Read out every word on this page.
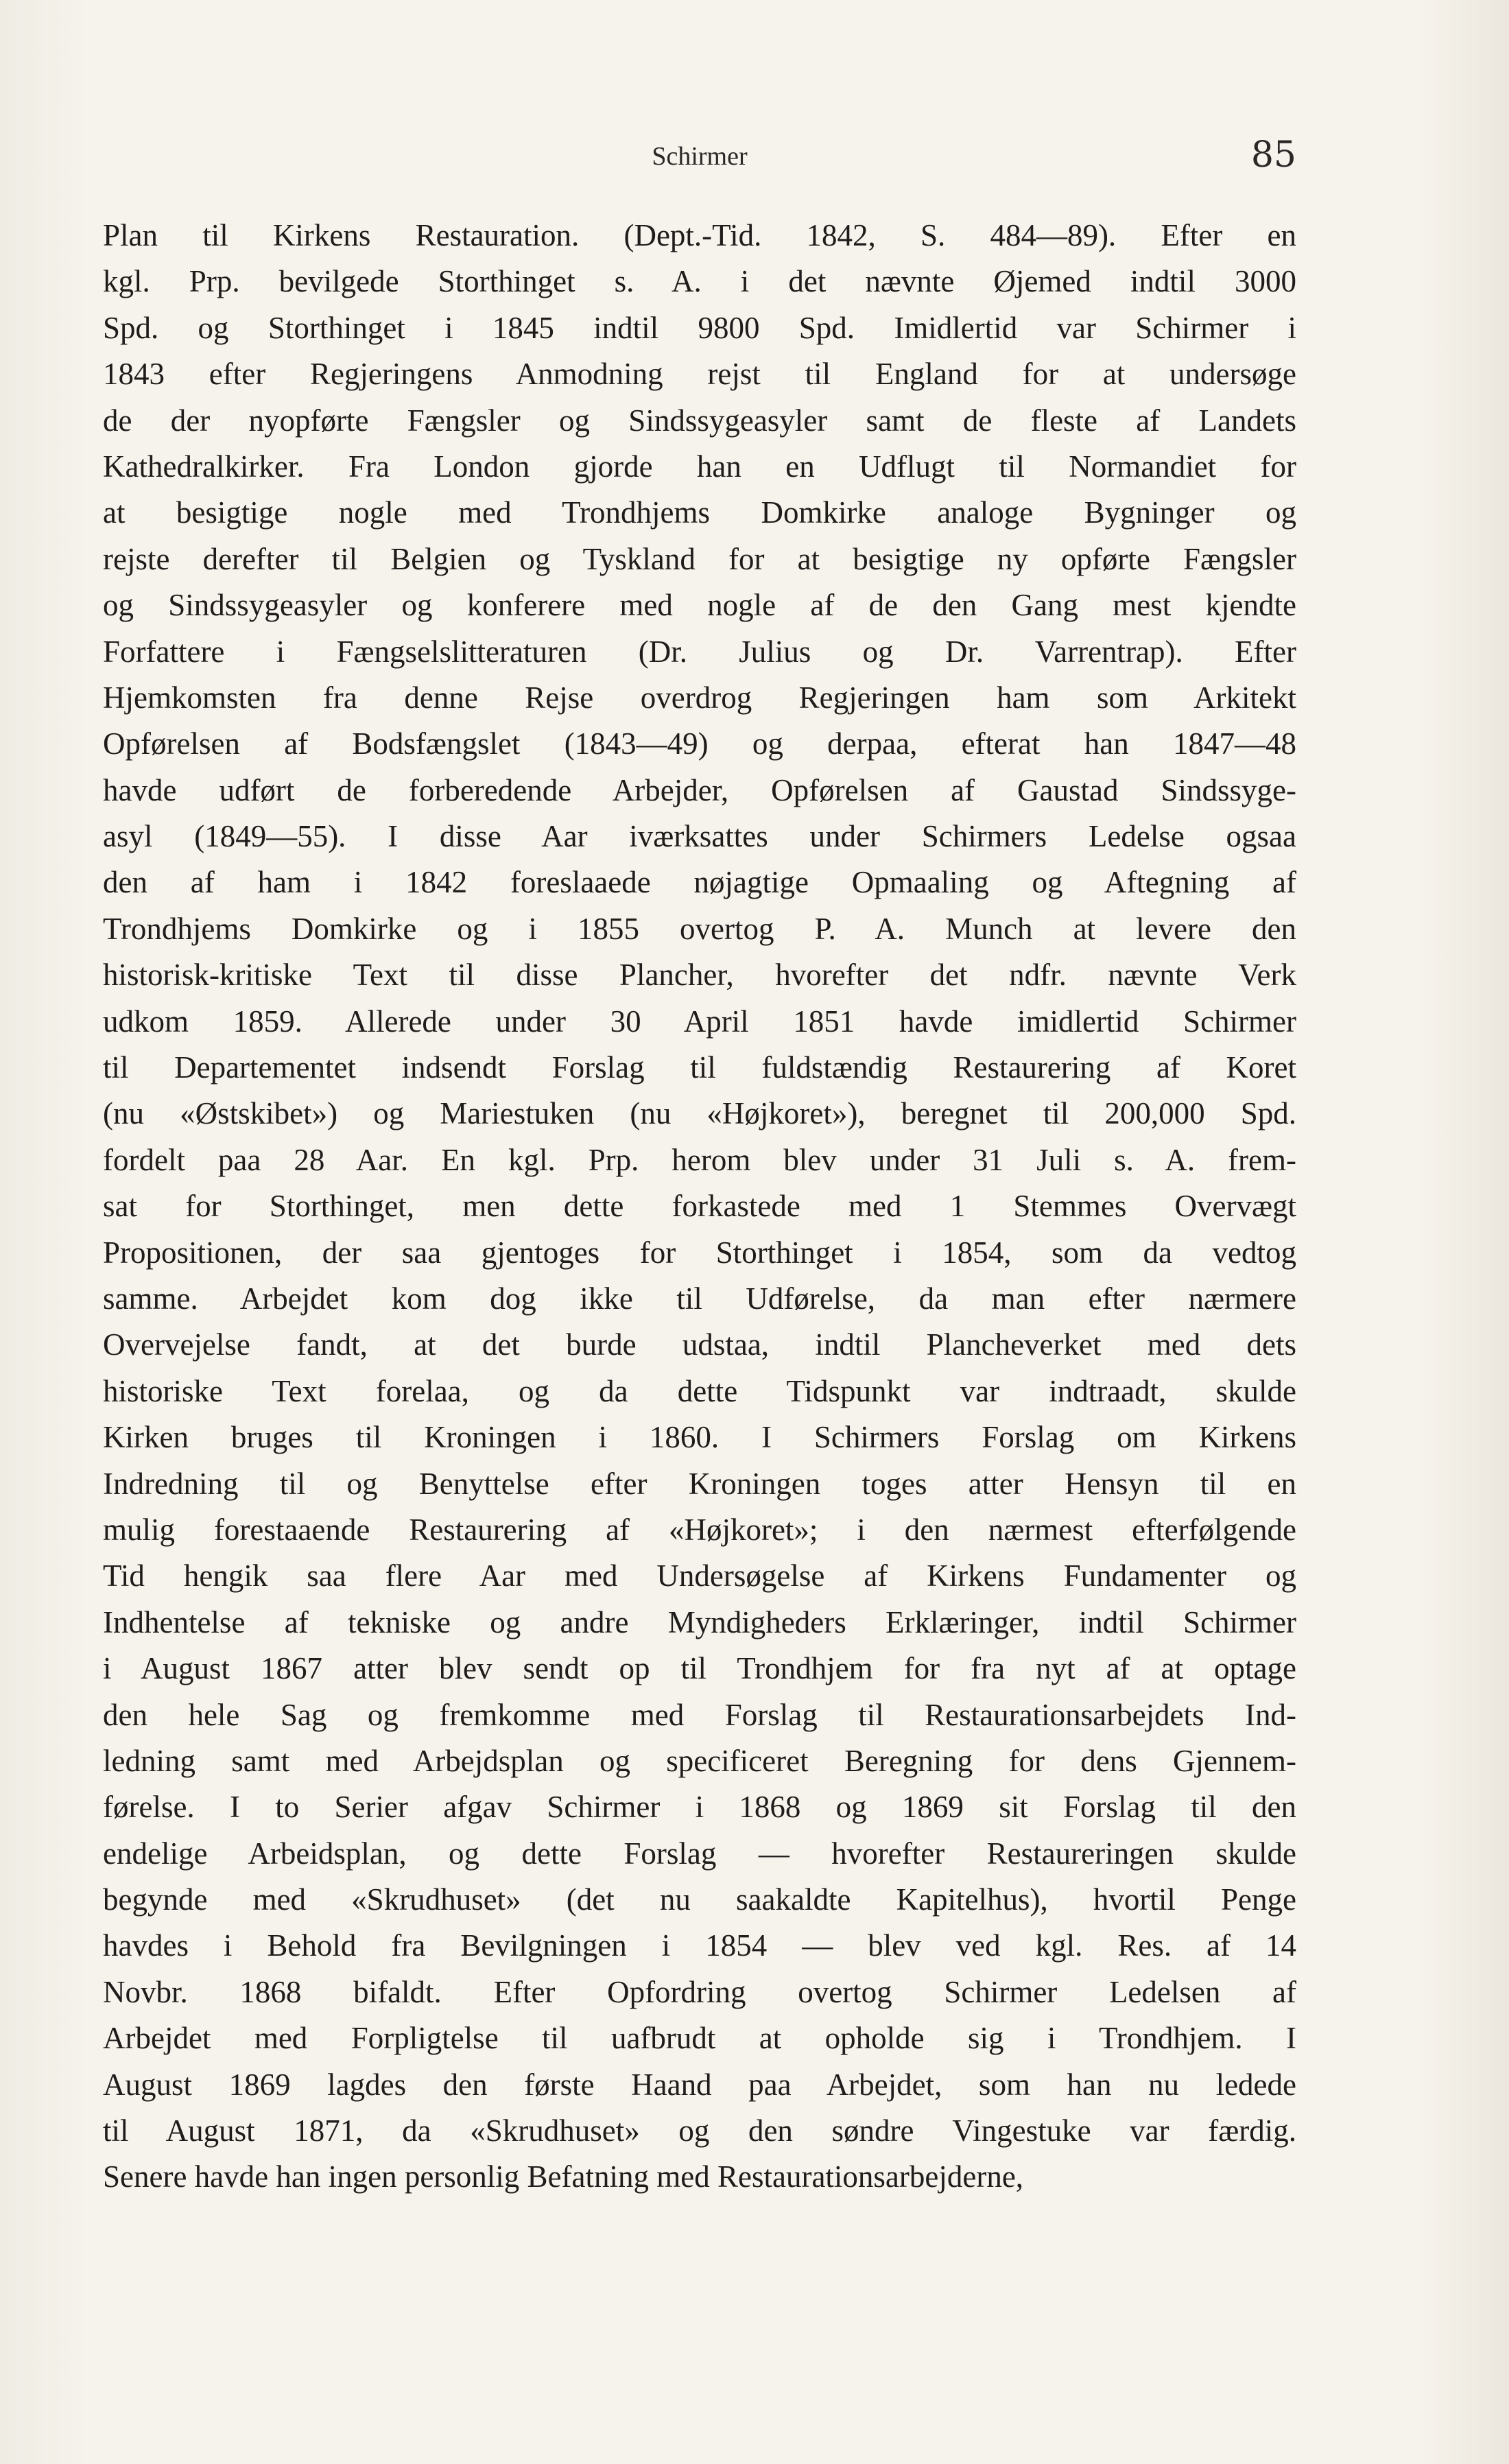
Schirmer	85
Plan til Kirkens Restauration. (Dept.-Tid. 1842, S. 484—89). Efter en
kgl. Prp. bevilgede Storthinget s. A. i det nævnte Øjemed indtil 3000
Spd. og Storthinget i 1845 indtil 9800 Spd. Imidlertid var Schirmer i
1843 efter Regjeringens Anmodning rejst til England for at undersøge
de der nyopførte Fængsler og Sindssygeasyler samt de fleste af Landets
Kathedralkirker. Fra London gjorde han en Udflugt til Normandiet for
at besigtige nogle med Trondhjems Domkirke analoge Bygninger og
rejste derefter til Belgien og Tyskland for at besigtige ny opførte Fængsler
og Sindssygeasyler og konferere med nogle af de den Gang mest kjendte
Forfattere i Fængselslitteraturen (Dr. Julius og Dr. Varrentrap). Efter
Hjemkomsten fra denne Rejse overdrog Regjeringen ham som Arkitekt
Opførelsen af Bodsfængslet (1843—49) og derpaa, efterat han 1847—48
havde udført de forberedende Arbejder, Opførelsen af Gaustad Sindssyge-
asyl (1849—55). I disse Aar iværksattes under Schirmers Ledelse ogsaa
den af ham i 1842 foreslaaede nøjagtige Opmaaling og Aftegning af
Trondhjems Domkirke og i 1855 overtog P. A. Munch at levere den
historisk-kritiske Text til disse Plancher, hvorefter det ndfr. nævnte Verk
udkom 1859. Allerede under 30 April 1851 havde imidlertid Schirmer
til Departementet indsendt Forslag til fuldstændig Restaurering af Koret
(nu «Østskibet») og Mariestuken (nu «Højkoret»), beregnet til 200,000 Spd.
fordelt paa 28 Aar. En kgl. Prp. herom blev under 31 Juli s. A. frem-
sat for Storthinget, men dette forkastede med 1 Stemmes Overvægt
Propositionen, der saa gjentoges for Storthinget i 1854, som da vedtog
samme. Arbejdet kom dog ikke til Udførelse, da man efter nærmere
Overvejelse fandt, at det burde udstaa, indtil Plancheverket med dets
historiske Text forelaa, og da dette Tidspunkt var indtraadt, skulde
Kirken bruges til Kroningen i 1860. I Schirmers Forslag om Kirkens
Indredning til og Benyttelse efter Kroningen toges atter Hensyn til en
mulig forestaaende Restaurering af «Højkoret»; i den nærmest efterfølgende
Tid hengik saa flere Aar med Undersøgelse af Kirkens Fundamenter og
Indhentelse af tekniske og andre Myndigheders Erklæringer, indtil Schirmer
i August 1867 atter blev sendt op til Trondhjem for fra nyt af at optage
den hele Sag og fremkomme med Forslag til Restaurationsarbejdets Ind-
ledning samt med Arbejdsplan og specificeret Beregning for dens Gjennem-
førelse. I to Serier afgav Schirmer i 1868 og 1869 sit Forslag til den
endelige Arbeidsplan, og dette Forslag — hvorefter Restaureringen skulde
begynde med «Skrudhuset» (det nu saakaldte Kapitelhus), hvortil Penge
havdes i Behold fra Bevilgningen i 1854 — blev ved kgl. Res. af 14
Novbr. 1868 bifaldt. Efter Opfordring overtog Schirmer Ledelsen af
Arbejdet med Forpligtelse til uafbrudt at opholde sig i Trondhjem. I
August 1869 lagdes den første Haand paa Arbejdet, som han nu ledede
til August 1871, da «Skrudhuset» og den søndre Vingestuke var færdig.
Senere havde han ingen personlig Befatning med Restaurationsarbejderne,
